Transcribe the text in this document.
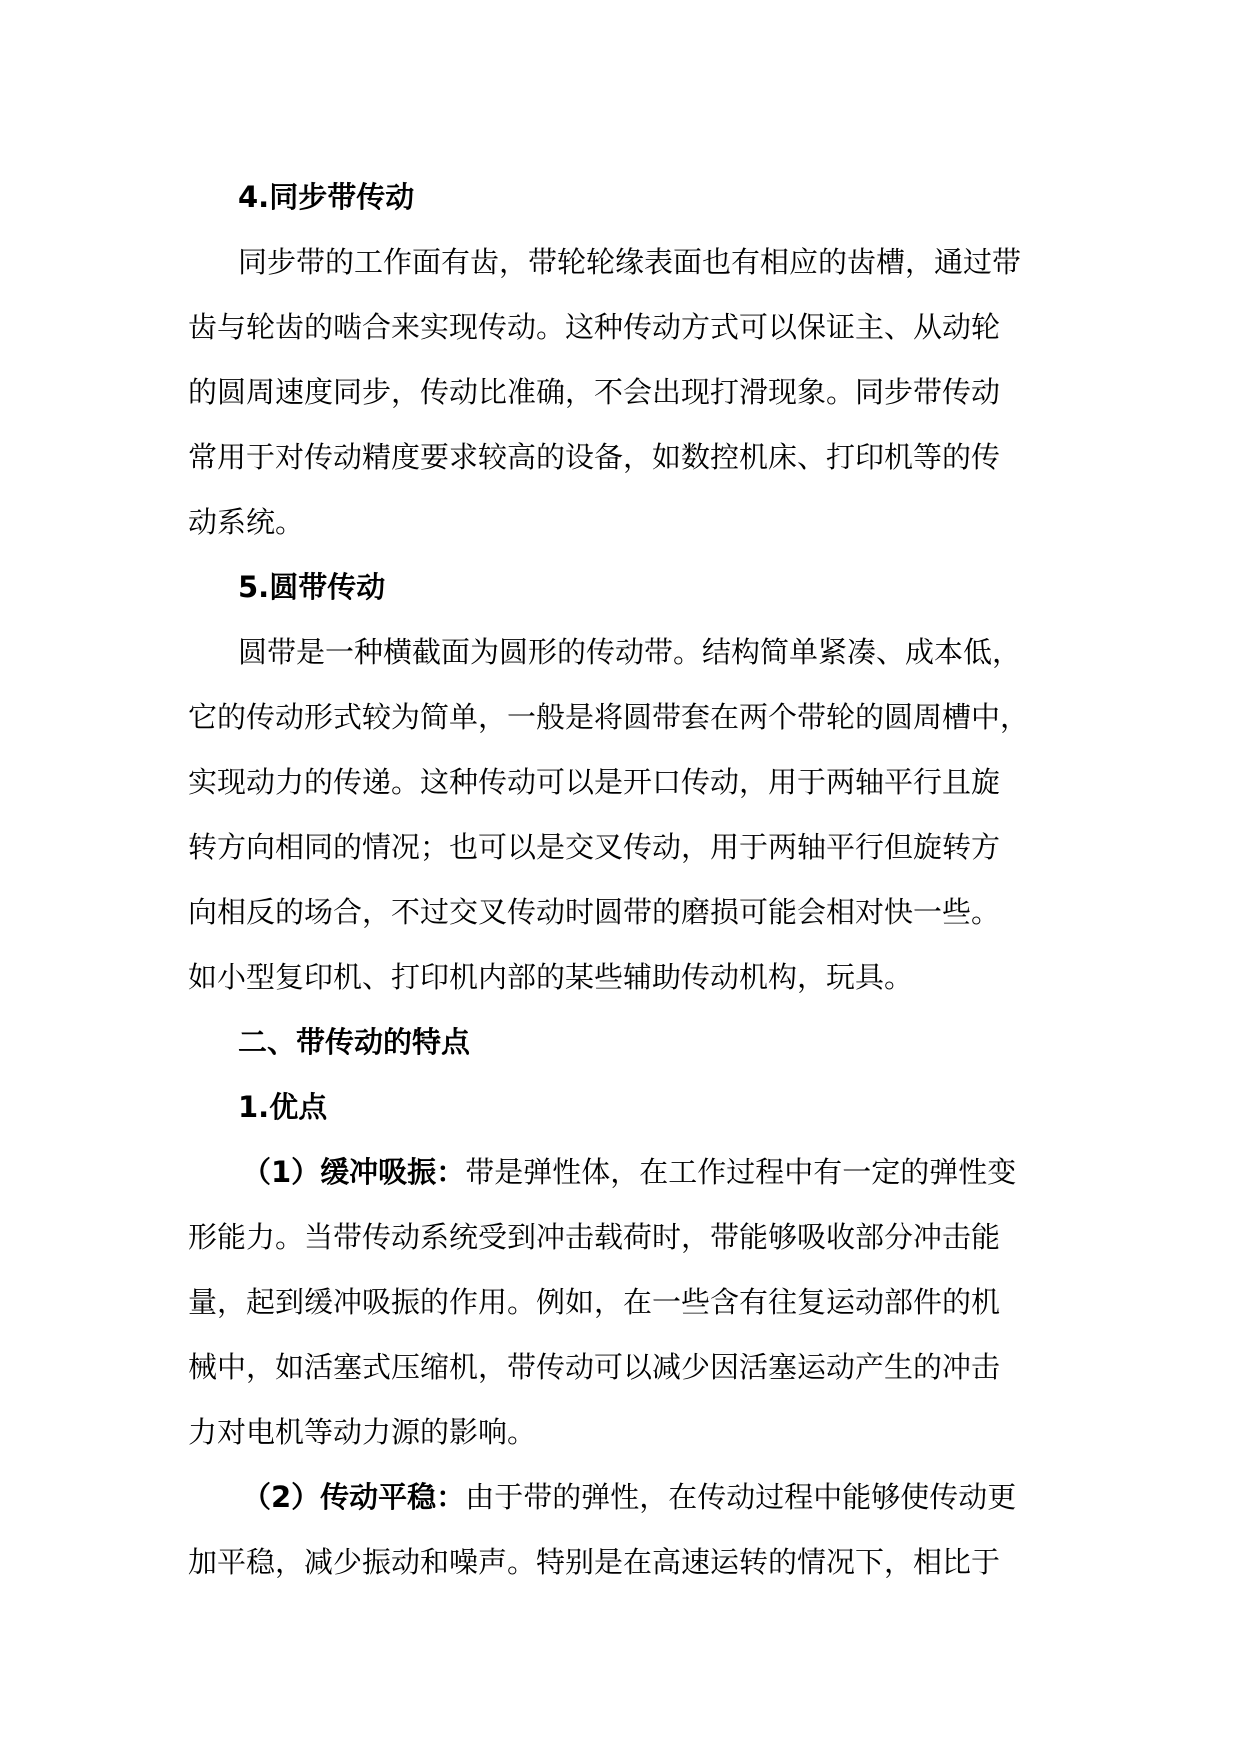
4.同步带传动
同步带的工作面有齿，带轮轮缘表面也有相应的齿槽，通过带
齿与轮齿的啮合来实现传动。这种传动方式可以保证主、从动轮
的圆周速度同步，传动比准确，不会出现打滑现象。同步带传动
常用于对传动精度要求较高的设备，如数控机床、打印机等的传
动系统。
5.圆带传动
圆带是一种横截面为圆形的传动带。结构简单紧凑、成本低，
它的传动形式较为简单，一般是将圆带套在两个带轮的圆周槽中，
实现动力的传递。这种传动可以是开口传动，用于两轴平行且旋
转方向相同的情况；也可以是交叉传动，用于两轴平行但旋转方
向相反的场合，不过交叉传动时圆带的磨损可能会相对快一些。
如小型复印机、打印机内部的某些辅助传动机构，玩具。
二、带传动的特点
1.优点
（1）缓冲吸振：带是弹性体，在工作过程中有一定的弹性变
形能力。当带传动系统受到冲击载荷时，带能够吸收部分冲击能
量，起到缓冲吸振的作用。例如，在一些含有往复运动部件的机
械中，如活塞式压缩机，带传动可以减少因活塞运动产生的冲击
力对电机等动力源的影响。
（2）传动平稳：由于带的弹性，在传动过程中能够使传动更
加平稳，减少振动和噪声。特别是在高速运转的情况下，相比于
